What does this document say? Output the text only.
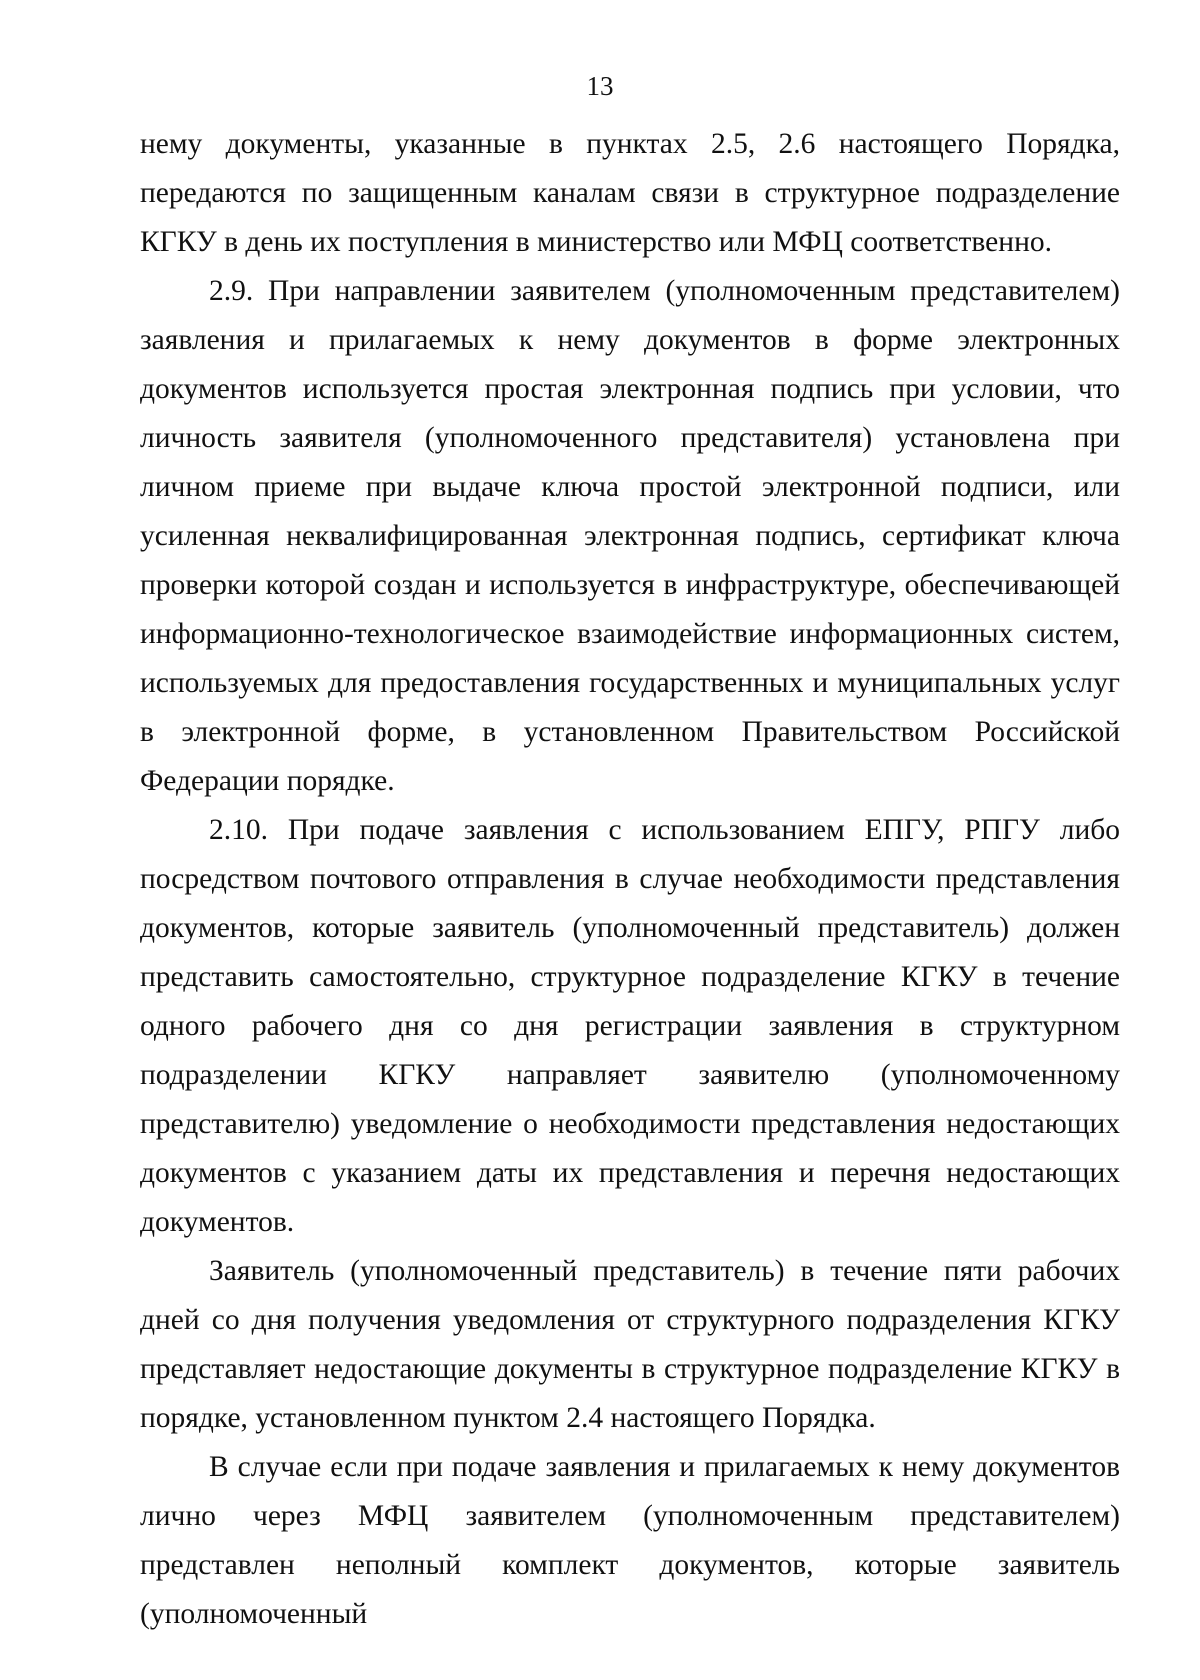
13

нему документы, указанные в пунктах 2.5, 2.6 настоящего Порядка, передаются по защищенным каналам связи в структурное подразделение КГКУ в день их поступления в министерство или МФЦ соответственно.

2.9. При направлении заявителем (уполномоченным представителем) заявления и прилагаемых к нему документов в форме электронных документов используется простая электронная подпись при условии, что личность заявителя (уполномоченного представителя) установлена при личном приеме при выдаче ключа простой электронной подписи, или усиленная неквалифицированная электронная подпись, сертификат ключа проверки которой создан и используется в инфраструктуре, обеспечивающей информационно-технологическое взаимодействие информационных систем, используемых для предоставления государственных и муниципальных услуг в электронной форме, в установленном Правительством Российской Федерации порядке.

2.10. При подаче заявления с использованием ЕПГУ, РПГУ либо посредством почтового отправления в случае необходимости представления документов, которые заявитель (уполномоченный представитель) должен представить самостоятельно, структурное подразделение КГКУ в течение одного рабочего дня со дня регистрации заявления в структурном подразделении КГКУ направляет заявителю (уполномоченному представителю) уведомление о необходимости представления недостающих документов с указанием даты их представления и перечня недостающих документов.

Заявитель (уполномоченный представитель) в течение пяти рабочих дней со дня получения уведомления от структурного подразделения КГКУ представляет недостающие документы в структурное подразделение КГКУ в порядке, установленном пунктом 2.4 настоящего Порядка.

В случае если при подаче заявления и прилагаемых к нему документов лично через МФЦ заявителем (уполномоченным представителем) представлен неполный комплект документов, которые заявитель (уполномоченный
